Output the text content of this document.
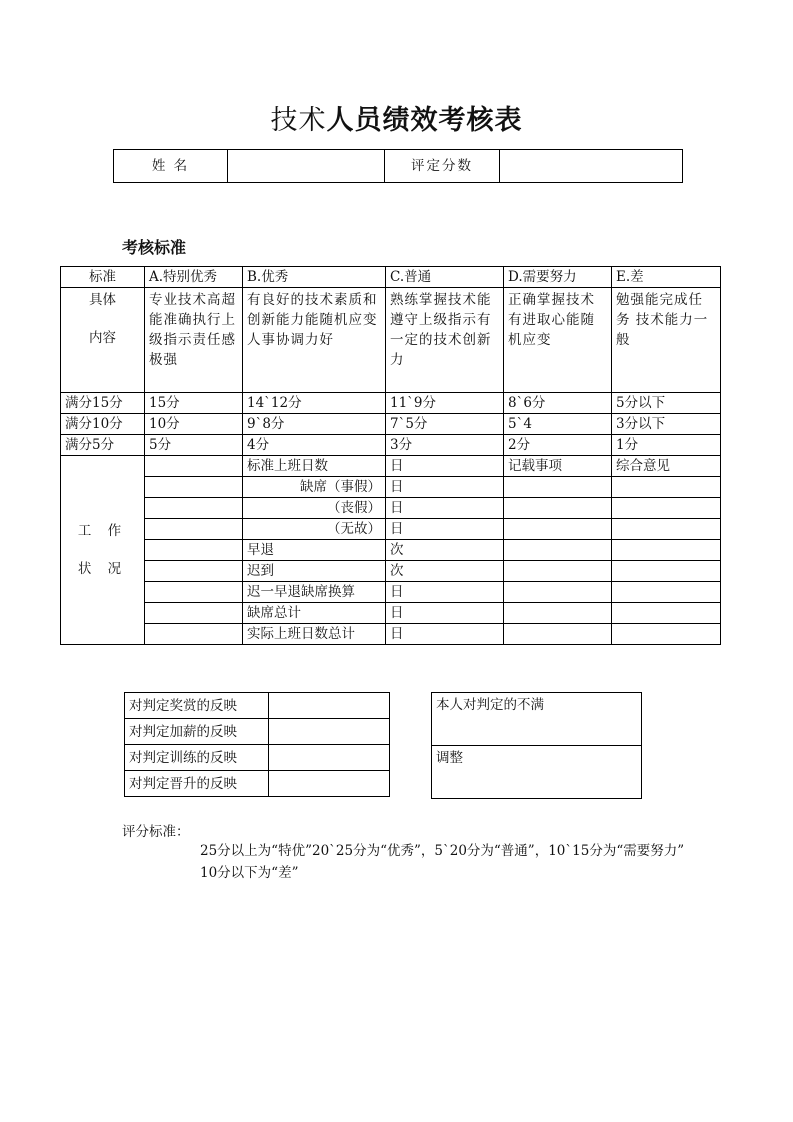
技术人员绩效考核表
姓 名		评定分数	
考核标准
标准	A.特别优秀	B.优秀	C.普通	D.需要努力	E.差

具体
内容	专业技术高超 能准确执行上级指示责任感极强	有良好的技术素质和创新能力能随机应变人事协调力好	熟练掌握技术能遵守上级指示有一定的技术创新力	正确掌握技术 有进取心能随机应变	勉强能完成任务 技术能力一般
满分15分	15分	14`12分	11`9分	8`6分	5分以下
满分10分	10分	9`8分	7`5分	5`4	3分以下
满分5分	5分	4分	3分	2分	1分

工 作
状 况		标准上班日数	日	记载事项	综合意见
		缺席（事假）	日		
		（丧假）	日		
		（无故）	日		
		早退	次		
		迟到	次		
		迟一早退缺席换算	日		
		缺席总计	日		
		实际上班日数总计	日		
对判定奖赏的反映	
对判定加薪的反映	
对判定训练的反映	
对判定晋升的反映	
本人对判定的不满
调整
评分标准：
25分以上为“特优”20`25分为“优秀”，5`20分为“普通”，10`15分为“需要努力” 10分以下为“差”
